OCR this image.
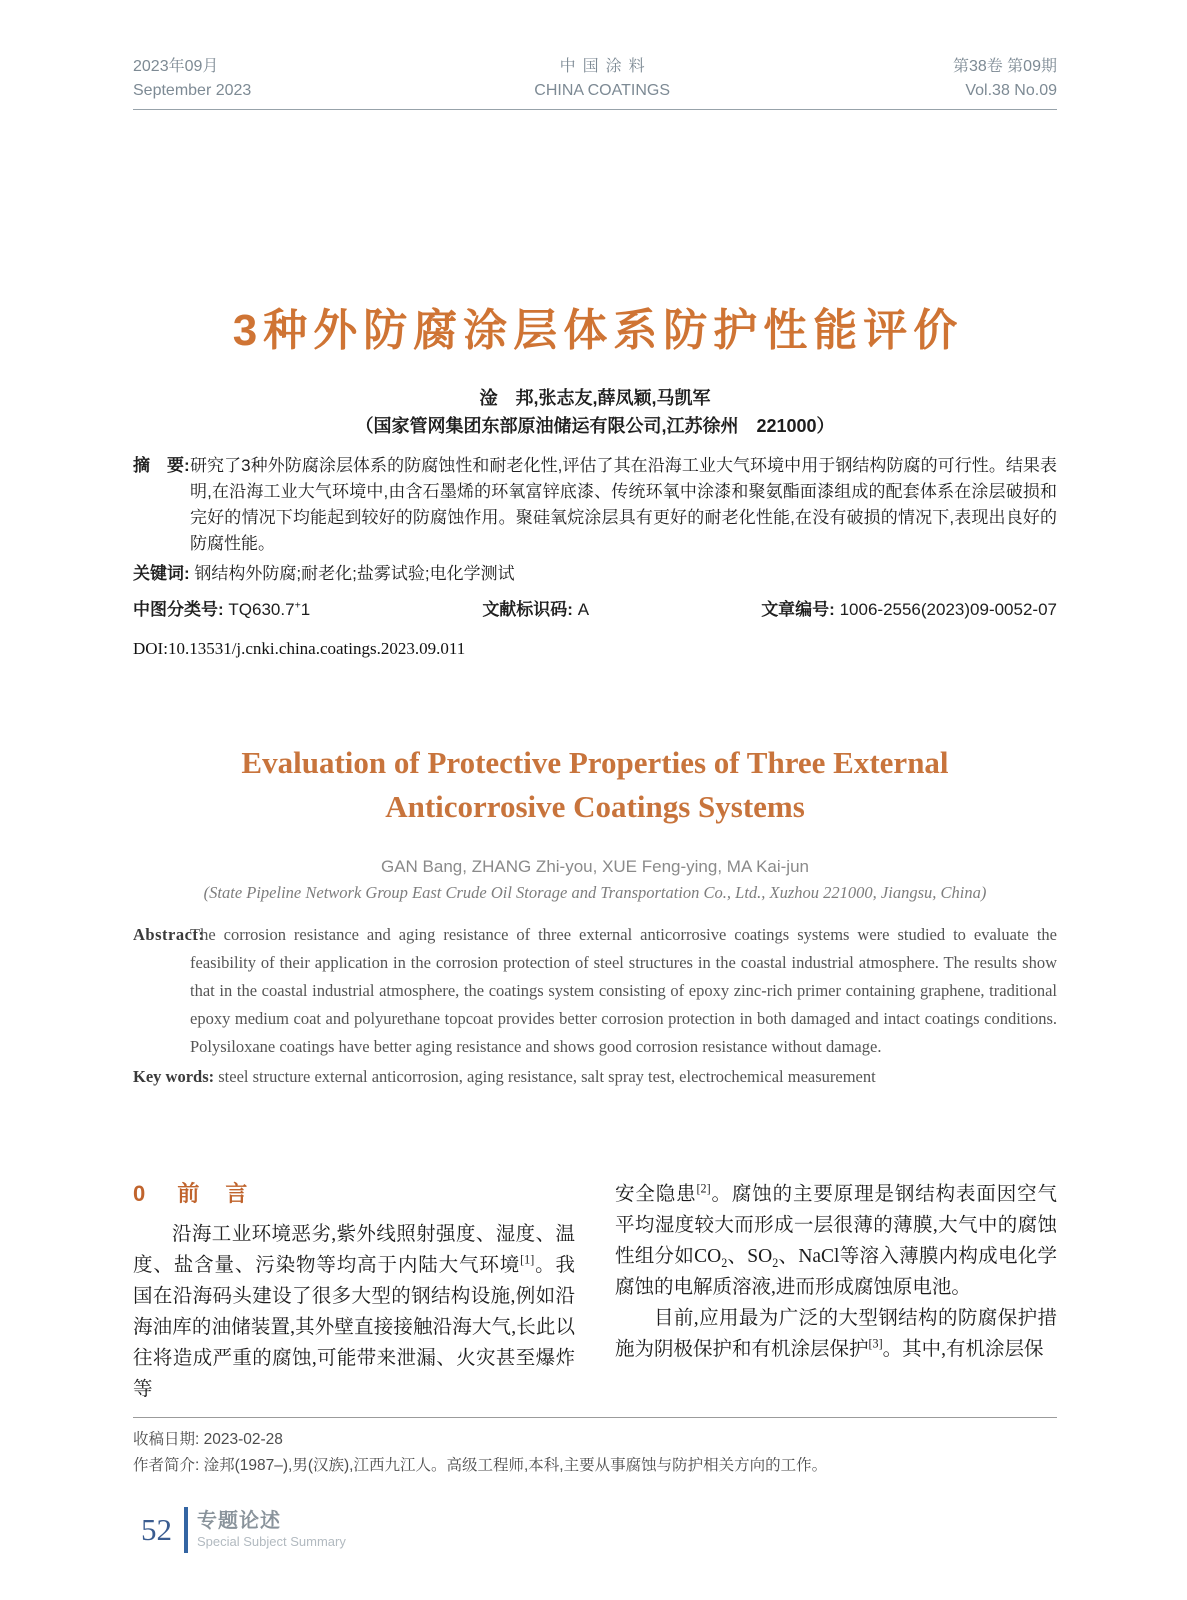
2023年09月
September 2023
中国涂料
CHINA COATINGS
第38卷 第09期
Vol.38 No.09
3种外防腐涂层体系防护性能评价
淦　邦,张志友,薛凤颖,马凯军
（国家管网集团东部原油储运有限公司,江苏徐州　221000）
摘　要: 研究了3种外防腐涂层体系的防腐蚀性和耐老化性,评估了其在沿海工业大气环境中用于钢结构防腐的可行性。结果表明,在沿海工业大气环境中,由含石墨烯的环氧富锌底漆、传统环氧中涂漆和聚氨酯面漆组成的配套体系在涂层破损和完好的情况下均能起到较好的防腐蚀作用。聚硅氧烷涂层具有更好的耐老化性能,在没有破损的情况下,表现出良好的防腐性能。
关键词: 钢结构外防腐;耐老化;盐雾试验;电化学测试
中图分类号: TQ630.7+1	文献标识码: A	文章编号: 1006-2556(2023)09-0052-07
DOI:10.13531/j.cnki.china.coatings.2023.09.011
Evaluation of Protective Properties of Three External
Anticorrosive Coatings Systems
GAN Bang, ZHANG Zhi-you, XUE Feng-ying, MA Kai-jun
(State Pipeline Network Group East Crude Oil Storage and Transportation Co., Ltd., Xuzhou 221000, Jiangsu, China)
Abstract:
The corrosion resistance and aging resistance of three external anticorrosive coatings systems were studied to evaluate the feasibility of their application in the corrosion protection of steel structures in the coastal industrial atmosphere. The results show that in the coastal industrial atmosphere, the coatings system consisting of epoxy zinc-rich primer containing graphene, traditional epoxy medium coat and polyurethane topcoat provides better corrosion protection in both damaged and intact coatings conditions. Polysiloxane coatings have better aging resistance and shows good corrosion resistance without damage.
Key words: steel structure external anticorrosion, aging resistance, salt spray test, electrochemical measurement
0 前　言

沿海工业环境恶劣,紫外线照射强度、湿度、温度、盐含量、污染物等均高于内陆大气环境[1]。我国在沿海码头建设了很多大型的钢结构设施,例如沿海油库的油储装置,其外壁直接接触沿海大气,长此以往将造成严重的腐蚀,可能带来泄漏、火灾甚至爆炸等

安全隐患[2]。腐蚀的主要原理是钢结构表面因空气平均湿度较大而形成一层很薄的薄膜,大气中的腐蚀性组分如$CO_2$、$SO_2$、NaCl等溶入薄膜内构成电化学腐蚀的电解质溶液,进而形成腐蚀原电池。

目前,应用最为广泛的大型钢结构的防腐保护措施为阴极保护和有机涂层保护[3]。其中,有机涂层保

收稿日期: 2023-02-28
作者简介: 淦邦(1987–),男(汉族),江西九江人。高级工程师,本科,主要从事腐蚀与防护相关方向的工作。
52 专题论述
Special Subject Summary
